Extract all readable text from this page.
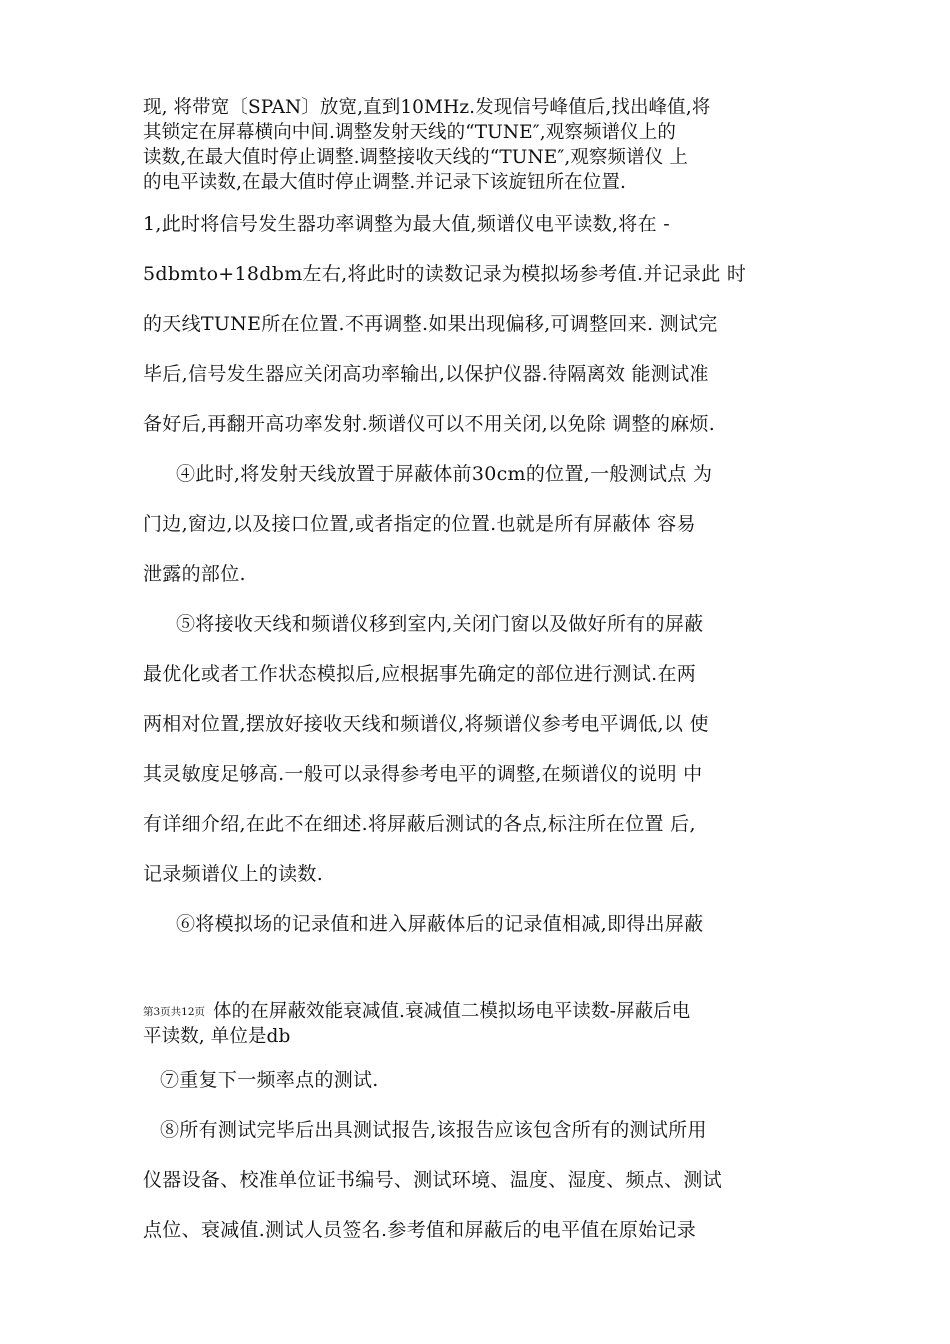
现, 将带宽〔SPAN〕放宽,直到10MHz.发现信号峰值后,找出峰值,将
其锁定在屏幕横向中间.调整发射天线的“TUNE″,观察频谱仪上的
读数,在最大值时停止调整.调整接收天线的“TUNE″,观察频谱仪 上
的电平读数,在最大值时停止调整.并记录下该旋钮所在位置.
1,此时将信号发生器功率调整为最大值,频谱仪电平读数,将在 -
5dbmto+18dbm左右,将此时的读数记录为模拟场参考值.并记录此 时
的天线TUNE所在位置.不再调整.如果出现偏移,可调整回来. 测试完
毕后,信号发生器应关闭高功率输出,以保护仪器.待隔离效 能测试准
备好后,再翻开高功率发射.频谱仪可以不用关闭,以免除 调整的麻烦.
④此时,将发射天线放置于屏蔽体前30cm的位置,一般测试点 为
门边,窗边,以及接口位置,或者指定的位置.也就是所有屏蔽体 容易
泄露的部位.
⑤将接收天线和频谱仪移到室内,关闭门窗以及做好所有的屏蔽
最优化或者工作状态模拟后,应根据事先确定的部位进行测试.在两
两相对位置,摆放好接收天线和频谱仪,将频谱仪参考电平调低,以 使
其灵敏度足够高.一般可以录得参考电平的调整,在频谱仪的说明 中
有详细介绍,在此不在细述.将屏蔽后测试的各点,标注所在位置 后,
记录频谱仪上的读数.
⑥将模拟场的记录值和进入屏蔽体后的记录值相减,即得出屏蔽
第3页共12页 体的在屏蔽效能衰减值.衰减值二模拟场电平读数-屏蔽后电
平读数, 单位是db
⑦重复下一频率点的测试.
⑧所有测试完毕后出具测试报告,该报告应该包含所有的测试所用
仪器设备、校准单位证书编号、测试环境、温度、湿度、频点、测试
点位、衰减值.测试人员签名.参考值和屏蔽后的电平值在原始记录
